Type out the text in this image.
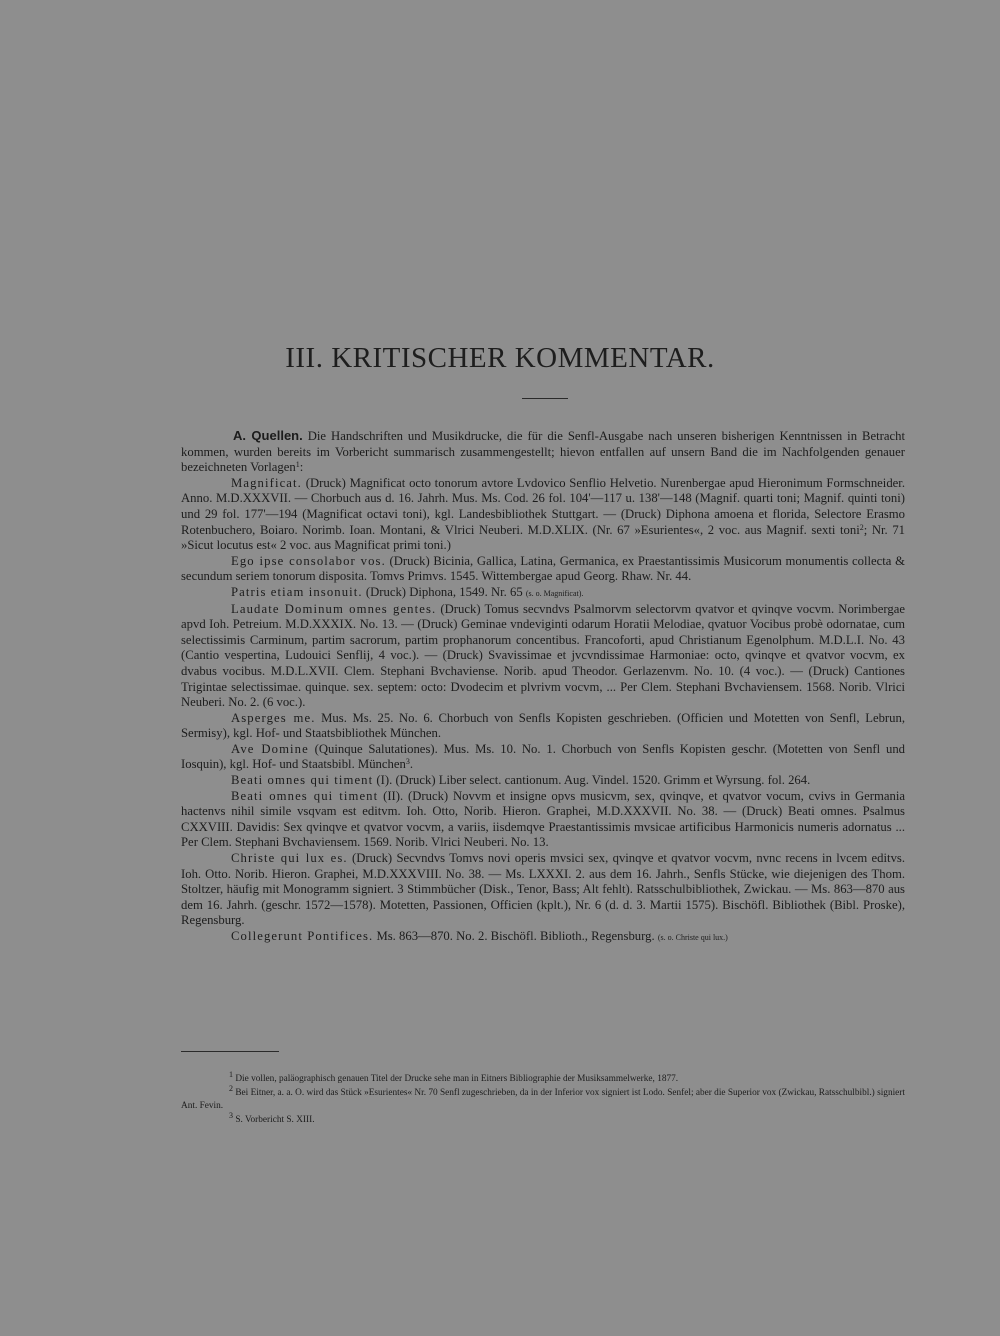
III. KRITISCHER KOMMENTAR.

A. Quellen. Die Handschriften und Musikdrucke, die für die Senfl-Ausgabe nach unseren bisherigen Kenntnissen in Betracht kommen, wurden bereits im Vorbericht summarisch zusammengestellt; hievon entfallen auf unsern Band die im Nachfolgenden genauer bezeichneten Vorlagen$^1$:

Magnificat. (Druck) Magnificat octo tonorum avtore Lvdovico Senflio Helvetio. Nurenbergae apud Hieronimum Formschneider. Anno. M.D.XXXVII. — Chorbuch aus d. 16. Jahrh. Mus. Ms. Cod. 26 fol. 104'—117 u. 138'—148 (Magnif. quarti toni; Magnif. quinti toni) und 29 fol. 177'—194 (Magnificat octavi toni), kgl. Landesbibliothek Stuttgart. — (Druck) Diphona amoena et florida, Selectore Erasmo Rotenbuchero, Boiaro. Norimb. Ioan. Montani, & Vlrici Neuberi. M.D.XLIX. (Nr. 67 »Esurientes«, 2 voc. aus Magnif. sexti toni$^2$; Nr. 71 »Sicut locutus est« 2 voc. aus Magnificat primi toni.)

Ego ipse consolabor vos. (Druck) Bicinia, Gallica, Latina, Germanica, ex Praestantissimis Musicorum monumentis collecta & secundum seriem tonorum disposita. Tomvs Primvs. 1545. Wittembergae apud Georg. Rhaw. Nr. 44.

Patris etiam insonuit. (Druck) Diphona, 1549. Nr. 65 (s. o. Magnificat).

Laudate Dominum omnes gentes. (Druck) Tomus secvndvs Psalmorvm selectorvm qvatvor et qvinqve vocvm. Norimbergae apvd Ioh. Petreium. M.D.XXXIX. No. 13. — (Druck) Geminae vndeviginti odarum Horatii Melodiae, qvatuor Vocibus probè odornatae, cum selectissimis Carminum, partim sacrorum, partim prophanorum concentibus. Francoforti, apud Christianum Egenolphum. M.D.L.I. No. 43 (Cantio vespertina, Ludouici Senflij, 4 voc.). — (Druck) Svavissimae et jvcvndissimae Harmoniae: octo, qvinqve et qvatvor vocvm, ex dvabus vocibus. M.D.L.XVII. Clem. Stephani Bvchaviense. Norib. apud Theodor. Gerlazenvm. No. 10. (4 voc.). — (Druck) Cantiones Trigintae selectissimae. quinque. sex. septem: octo: Dvodecim et plvrivm vocvm, ... Per Clem. Stephani Bvchaviensem. 1568. Norib. Vlrici Neuberi. No. 2. (6 voc.).

Asperges me. Mus. Ms. 25. No. 6. Chorbuch von Senfls Kopisten geschrieben. (Officien und Motetten von Senfl, Lebrun, Sermisy), kgl. Hof- und Staatsbibliothek München.

Ave Domine (Quinque Salutationes). Mus. Ms. 10. No. 1. Chorbuch von Senfls Kopisten geschr. (Motetten von Senfl und Iosquin), kgl. Hof- und Staatsbibl. München$^3$.

Beati omnes qui timent (I). (Druck) Liber select. cantionum. Aug. Vindel. 1520. Grimm et Wyrsung. fol. 264.

Beati omnes qui timent (II). (Druck) Novvm et insigne opvs musicvm, sex, qvinqve, et qvatvor vocum, cvivs in Germania hactenvs nihil simile vsqvam est editvm. Ioh. Otto, Norib. Hieron. Graphei, M.D.XXXVII. No. 38. — (Druck) Beati omnes. Psalmus CXXVIII. Davidis: Sex qvinqve et qvatvor vocvm, a variis, iisdemqve Praestantissimis mvsicae artificibus Harmonicis numeris adornatus ... Per Clem. Stephani Bvchaviensem. 1569. Norib. Vlrici Neuberi. No. 13.

Christe qui lux es. (Druck) Secvndvs Tomvs novi operis mvsici sex, qvinqve et qvatvor vocvm, nvnc recens in lvcem editvs. Ioh. Otto. Norib. Hieron. Graphei, M.D.XXXVIII. No. 38. — Ms. LXXXI. 2. aus dem 16. Jahrh., Senfls Stücke, wie diejenigen des Thom. Stoltzer, häufig mit Monogramm signiert. 3 Stimmbücher (Disk., Tenor, Bass; Alt fehlt). Ratsschulbibliothek, Zwickau. — Ms. 863—870 aus dem 16. Jahrh. (geschr. 1572—1578). Motetten, Passionen, Officien (kplt.), Nr. 6 (d. d. 3. Martii 1575). Bischöfl. Bibliothek (Bibl. Proske), Regensburg.

Collegerunt Pontifices. Ms. 863—870. No. 2. Bischöfl. Biblioth., Regensburg. (s. o. Christe qui lux.)

1 Die vollen, paläographisch genauen Titel der Drucke sehe man in Eitners Bibliographie der Musiksammelwerke, 1877.

2 Bei Eitner, a. a. O. wird das Stück »Esurientes« Nr. 70 Senfl zugeschrieben, da in der Inferior vox signiert ist Lodo. Senfel; aber die Superior vox (Zwickau, Ratsschulbibl.) signiert Ant. Fevin.

3 S. Vorbericht S. XIII.
